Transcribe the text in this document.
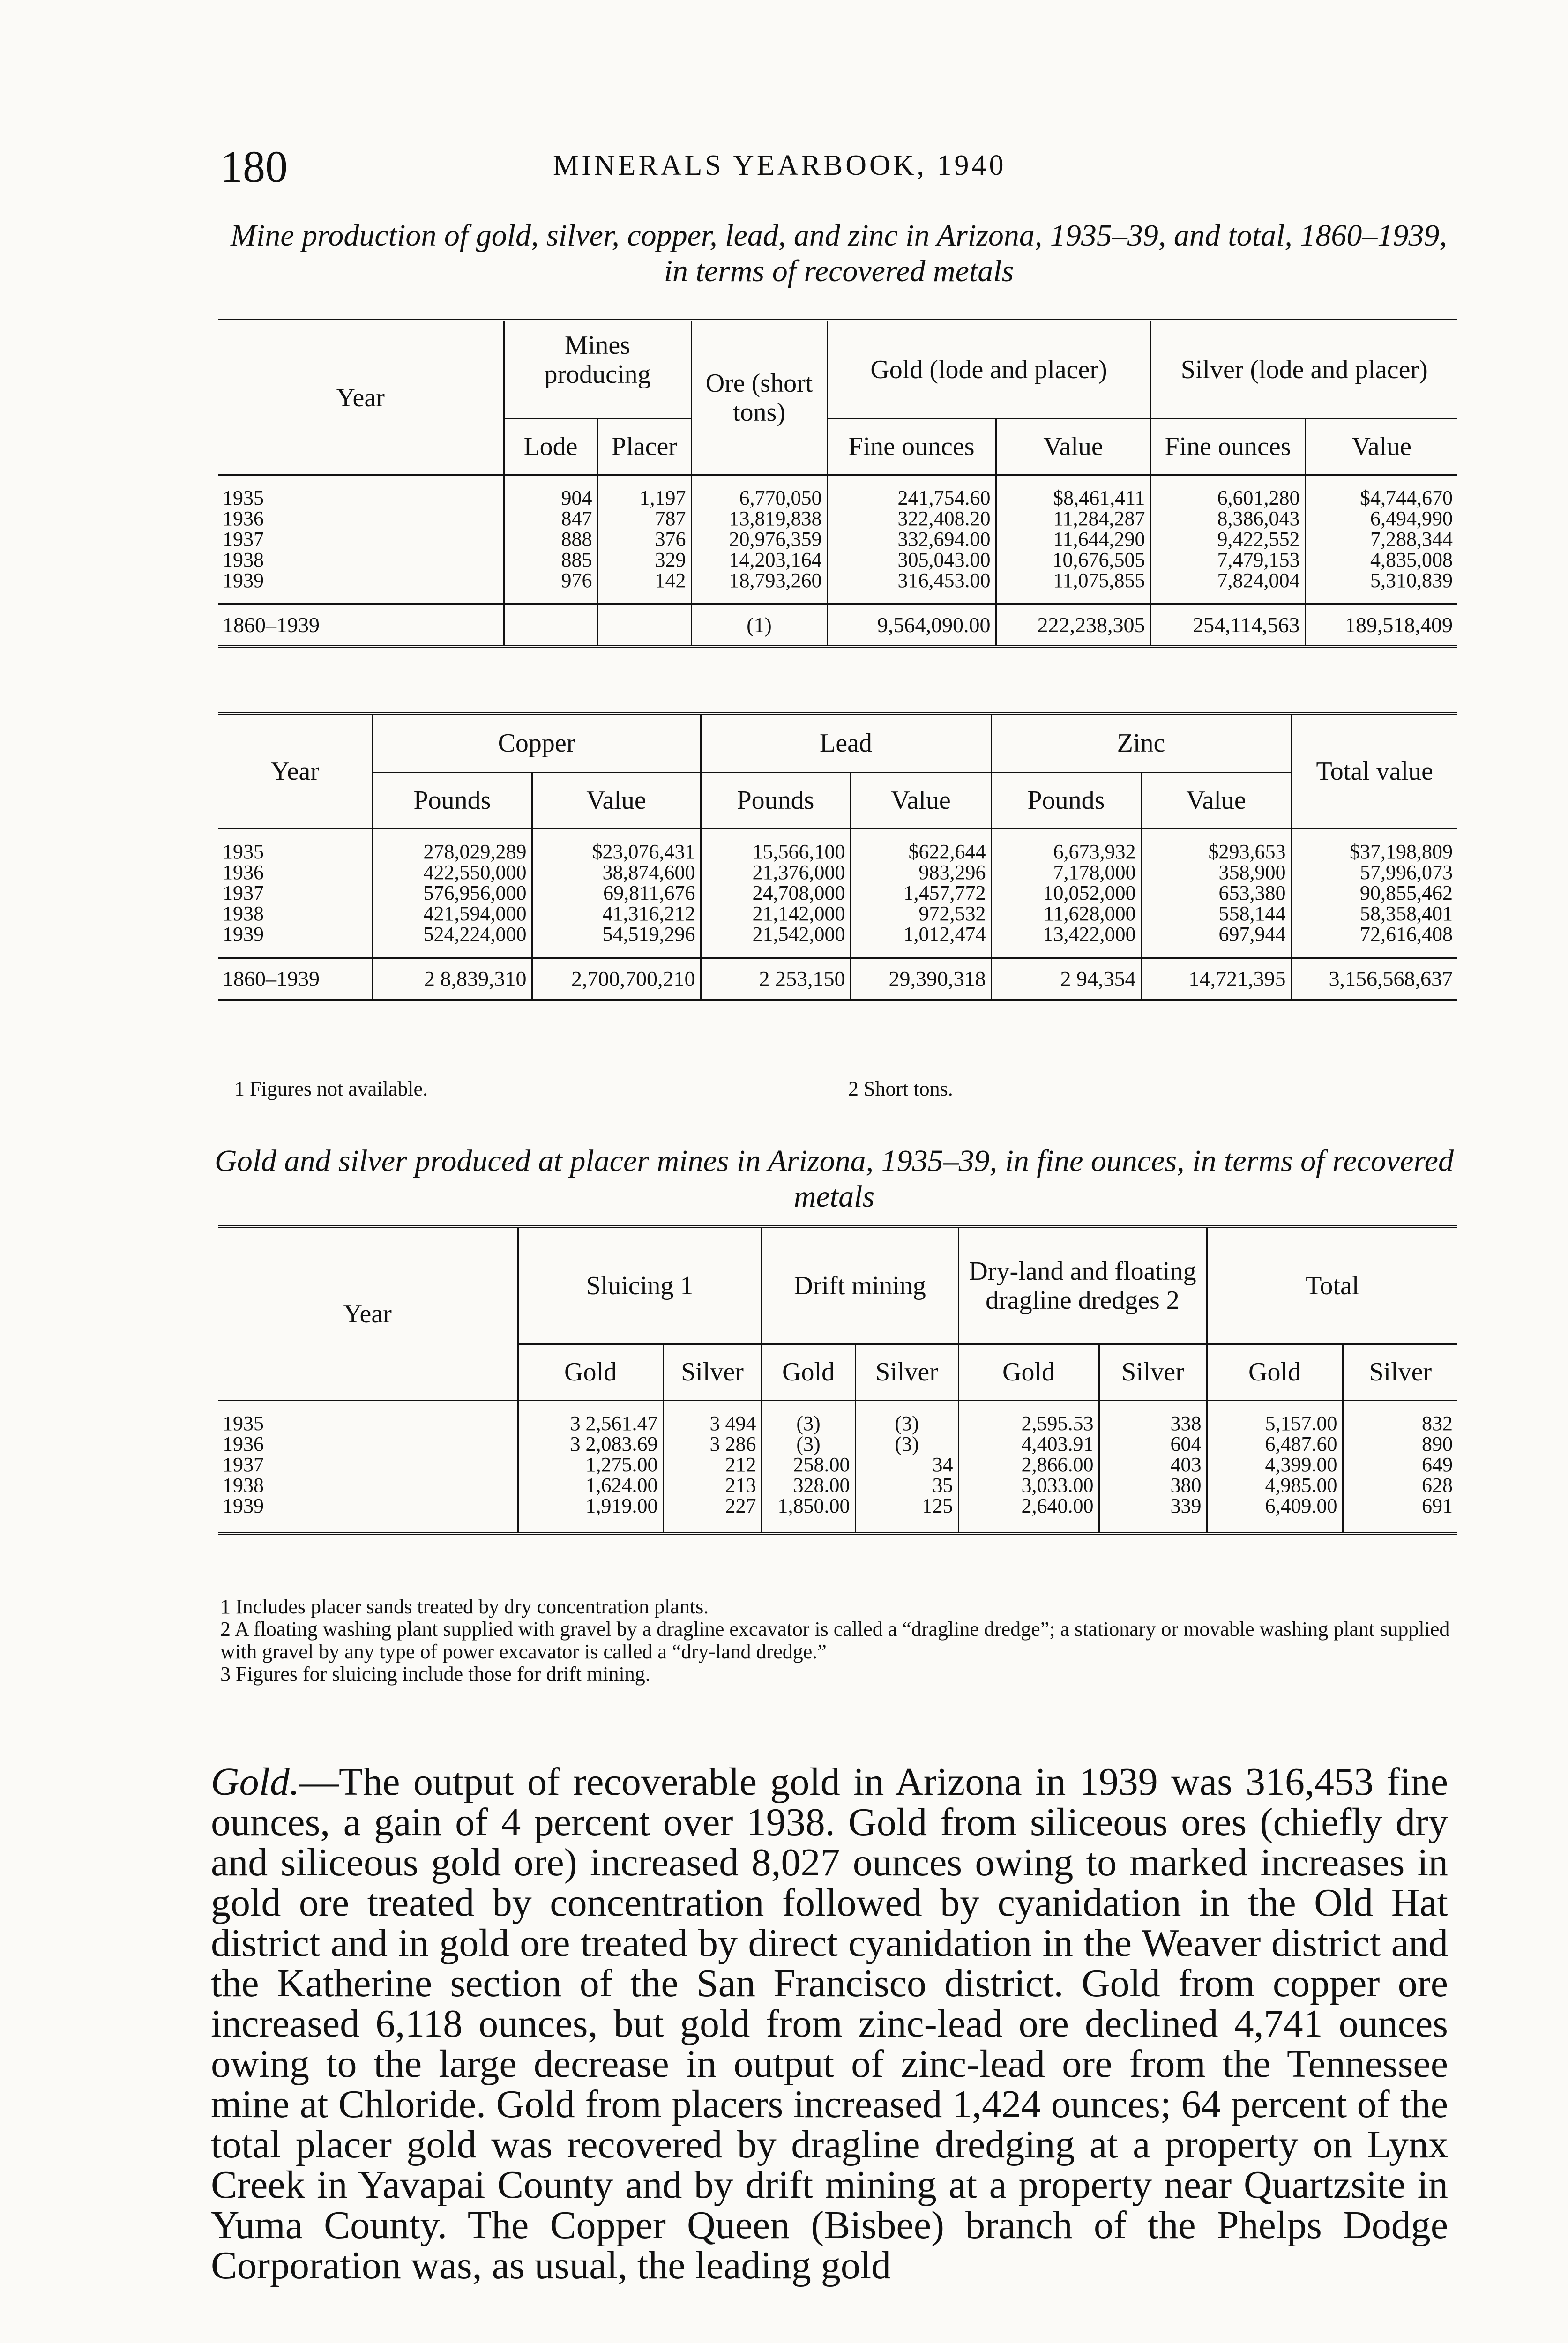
180	MINERALS YEARBOOK, 1940
Mine production of gold, silver, copper, lead, and zinc in Arizona, 1935–39, and total, 1860–1939, in terms of recovered metals
Year	Mines producing		Ore (short tons)	Gold (lode and placer)		Silver (lode and placer)	
	Lode	Placer		Fine ounces	Value	Fine ounces	Value

1935	904	1,197	6,770,050	241,754.60	$8,461,411	6,601,280	$4,744,670
1936	847	787	13,819,838	322,408.20	11,284,287	8,386,043	6,494,990
1937	888	376	20,976,359	332,694.00	11,644,290	9,422,552	7,288,344
1938	885	329	14,203,164	305,043.00	10,676,505	7,479,153	4,835,008
1939	976	142	18,793,260	316,453.00	11,075,855	7,824,004	5,310,839

1860–1939			(1)	9,564,090.00	222,238,305	254,114,563	189,518,409
Year	Copper		Lead		Zinc		Total value
	Pounds	Value	Pounds	Value	Pounds	Value	

1935	278,029,289	$23,076,431	15,566,100	$622,644	6,673,932	$293,653	$37,198,809
1936	422,550,000	38,874,600	21,376,000	983,296	7,178,000	358,900	57,996,073
1937	576,956,000	69,811,676	24,708,000	1,457,772	10,052,000	653,380	90,855,462
1938	421,594,000	41,316,212	21,142,000	972,532	11,628,000	558,144	58,358,401
1939	524,224,000	54,519,296	21,542,000	1,012,474	13,422,000	697,944	72,616,408

1860–1939	2 8,839,310	2,700,700,210	2 253,150	29,390,318	2 94,354	14,721,395	3,156,568,637
1 Figures not available.	2 Short tons.
Gold and silver produced at placer mines in Arizona, 1935–39, in fine ounces, in terms of recovered metals
Year	Sluicing 1		Drift mining		Dry-land and floating dragline dredges 2		Total	
	Gold	Silver	Gold	Silver	Gold	Silver	Gold	Silver

1935	3 2,561.47	3 494	(3)	(3)	2,595.53	338	5,157.00	832
1936	3 2,083.69	3 286	(3)	(3)	4,403.91	604	6,487.60	890
1937	1,275.00	212	258.00	34	2,866.00	403	4,399.00	649
1938	1,624.00	213	328.00	35	3,033.00	380	4,985.00	628
1939	1,919.00	227	1,850.00	125	2,640.00	339	6,409.00	691
1 Includes placer sands treated by dry concentration plants.
2 A floating washing plant supplied with gravel by a dragline excavator is called a “dragline dredge”; a stationary or movable washing plant supplied with gravel by any type of power excavator is called a “dry-land dredge.”
3 Figures for sluicing include those for drift mining.
Gold.—The output of recoverable gold in Arizona in 1939 was 316,453 fine ounces, a gain of 4 percent over 1938. Gold from siliceous ores (chiefly dry and siliceous gold ore) increased 8,027 ounces owing to marked increases in gold ore treated by concentration followed by cyanidation in the Old Hat district and in gold ore treated by direct cyanidation in the Weaver district and the Katherine section of the San Francisco district. Gold from copper ore increased 6,118 ounces, but gold from zinc-lead ore declined 4,741 ounces owing to the large decrease in output of zinc-lead ore from the Tennessee mine at Chloride. Gold from placers increased 1,424 ounces; 64 percent of the total placer gold was recovered by dragline dredging at a property on Lynx Creek in Yavapai County and by drift mining at a property near Quartzsite in Yuma County. The Copper Queen (Bisbee) branch of the Phelps Dodge Corporation was, as usual, the leading gold
